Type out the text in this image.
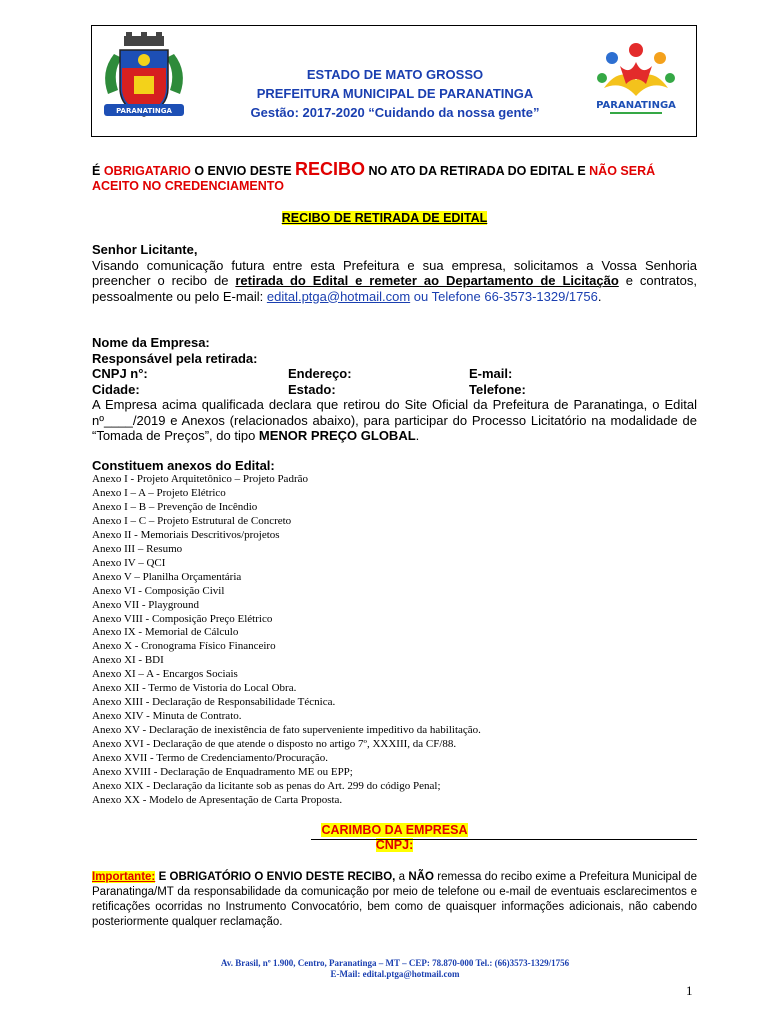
PARANATINGA	PARANATINGA
ESTADO DE MATO GROSSO
PREFEITURA MUNICIPAL DE PARANATINGA
Gestão: 2017-2020 “Cuidando da nossa gente”
É OBRIGATARIO O ENVIO DESTE RECIBO NO ATO DA RETIRADA DO EDITAL E NÃO SERÁ ACEITO NO CREDENCIAMENTO
RECIBO DE RETIRADA DE EDITAL
Senhor Licitante,
Visando comunicação futura entre esta Prefeitura e sua empresa, solicitamos a Vossa Senhoria preencher o recibo de retirada do Edital e remeter ao Departamento de Licitação e contratos, pessoalmente ou pelo E-mail: edital.ptga@hotmail.com ou Telefone 66-3573-1329/1756.
Nome da Empresa:
Responsável pela retirada:
CNPJ n°:	Endereço:	E-mail:
Cidade:	Estado:	Telefone:
A Empresa acima qualificada declara que retirou do Site Oficial da Prefeitura de Paranatinga, o Edital nº____/2019 e Anexos (relacionados abaixo), para participar do Processo Licitatório na modalidade de “Tomada de Preços”, do tipo MENOR PREÇO GLOBAL.
Constituem anexos do Edital:
Anexo I - Projeto Arquitetônico – Projeto Padrão
Anexo I – A – Projeto Elétrico
Anexo I – B – Prevenção de Incêndio
Anexo I – C – Projeto Estrutural de Concreto
Anexo II - Memoriais Descritivos/projetos
Anexo III – Resumo
Anexo IV – QCI
Anexo V – Planilha Orçamentária
Anexo VI - Composição Civil
Anexo VII - Playground
Anexo VIII - Composição Preço Elétrico
Anexo IX - Memorial de Cálculo
Anexo X - Cronograma Físico Financeiro
Anexo XI - BDI
Anexo XI – A - Encargos Sociais
Anexo XII - Termo de Vistoria do Local Obra.
Anexo XIII - Declaração de Responsabilidade Técnica.
Anexo XIV - Minuta de Contrato.
Anexo XV - Declaração de inexistência de fato superveniente impeditivo da habilitação.
Anexo XVI - Declaração de que atende o disposto no artigo 7º, XXXIII, da CF/88.
Anexo XVII - Termo de Credenciamento/Procuração.
Anexo XVIII - Declaração de Enquadramento ME ou EPP;
Anexo XIX - Declaração da licitante sob as penas do Art. 299 do código Penal;
Anexo XX - Modelo de Apresentação de Carta Proposta.
CARIMBO DA EMPRESA
CNPJ:
Importante: E OBRIGATÓRIO O ENVIO DESTE RECIBO, a NÃO remessa do recibo exime a Prefeitura Municipal de Paranatinga/MT da responsabilidade da comunicação por meio de telefone ou e-mail de eventuais esclarecimentos e retificações ocorridas no Instrumento Convocatório, bem como de quaisquer informações adicionais, não cabendo posteriormente qualquer reclamação.
Av. Brasil, nº 1.900, Centro, Paranatinga – MT – CEP: 78.870-000 Tel.: (66)3573-1329/1756
E-Mail: edital.ptga@hotmail.com
1
